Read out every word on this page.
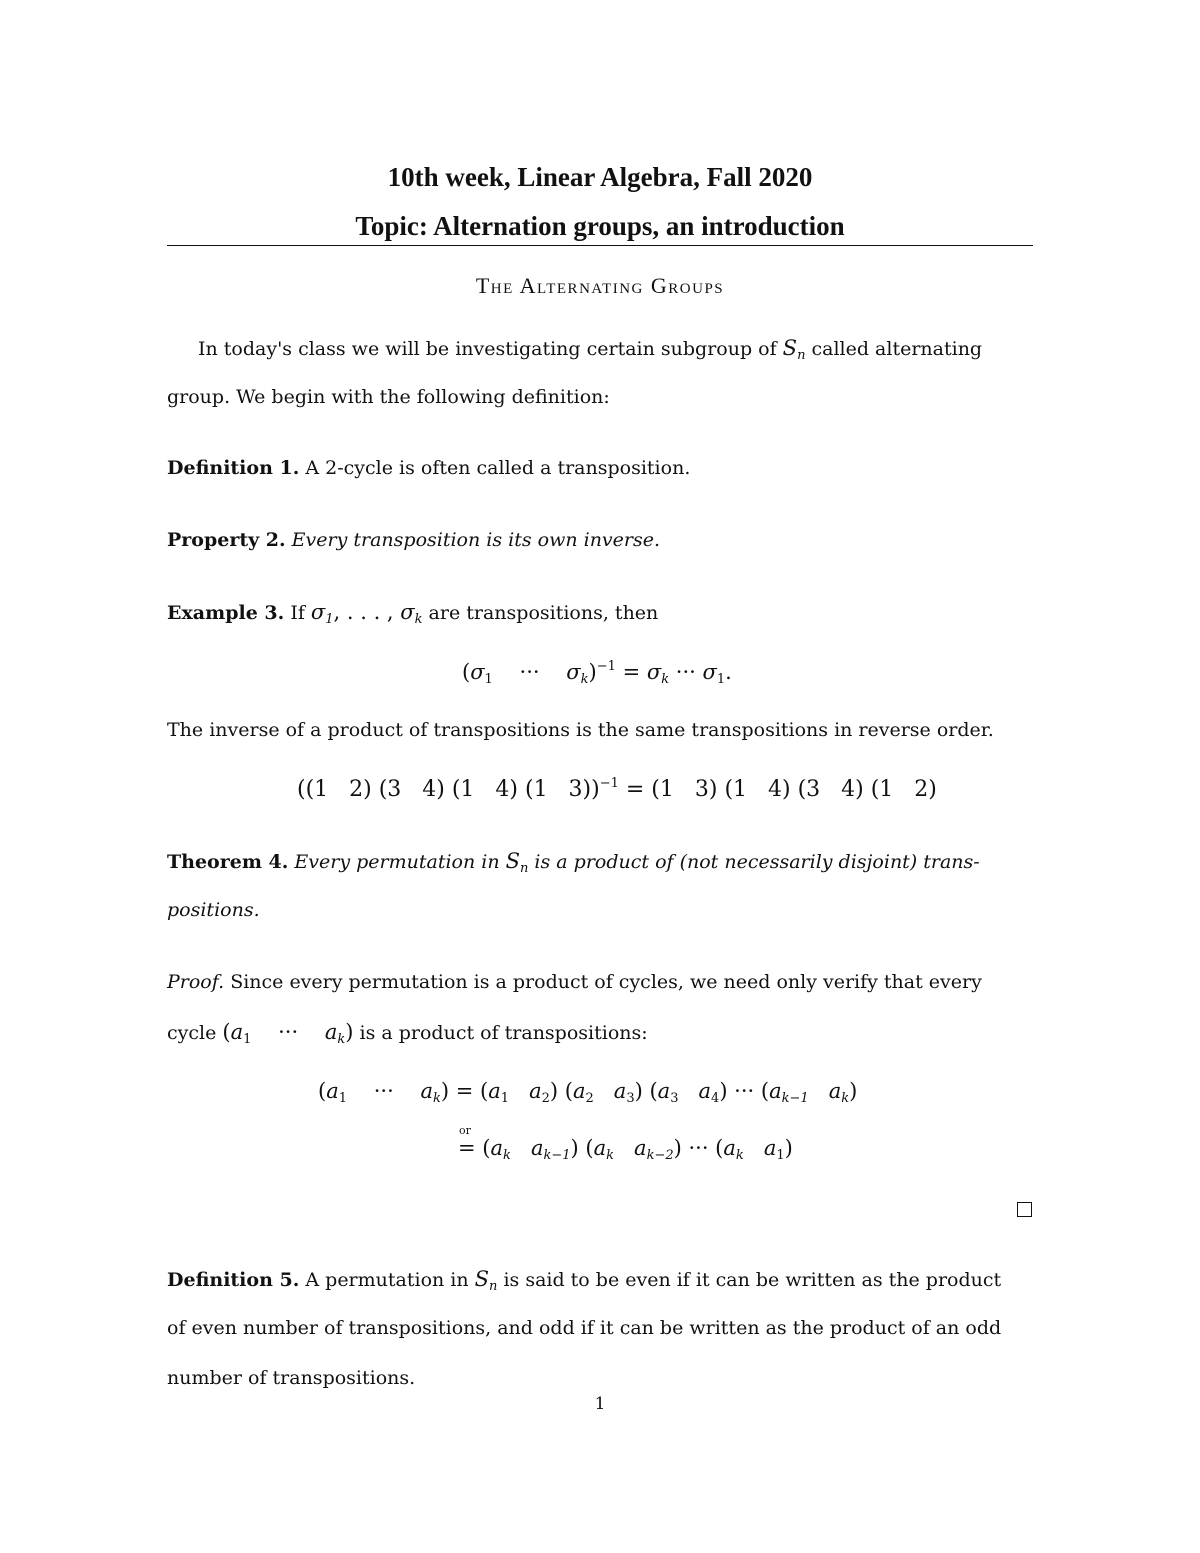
10th week, Linear Algebra, Fall 2020
Topic: Alternation groups, an introduction
The Alternating Groups
In today's class we will be investigating certain subgroup of $S_n$ called alternating
group. We begin with the following definition:
Definition 1. A 2-cycle is often called a transposition.
Property 2. Every transposition is its own inverse.
Example 3. If $\sigma_1$, . . . , $\sigma_k$ are transpositions, then
($\sigma_1$ ··· $\sigma_k)^{-1} = \sigma_k$ ··· $\sigma_1$.
The inverse of a product of transpositions is the same transpositions in reverse order.
((1   2) (3   4) (1   4) (1   3))$^{-1}$ = (1   3) (1   4) (3   4) (1   2)
Theorem 4. Every permutation in $S_n$ is a product of (not necessarily disjoint) trans-
positions.
Proof. Since every permutation is a product of cycles, we need only verify that every
cycle ($a_1$ ··· $a_k$) is a product of transpositions:
($a_1$    ···    $a_k) = (a_1$ $a_2$) ($a_2$ $a_3$) ($a_3$ $a_4$) ··· ($a_{k-1}$ $a_k$)
=
or
($a_k$ $a_{k-1}$) ($a_k$ $a_{k-2}$) ··· ($a_k$ $a_1$)
Definition 5. A permutation in $S_n$ is said to be even if it can be written as the product
of even number of transpositions, and odd if it can be written as the product of an odd
number of transpositions.
1
